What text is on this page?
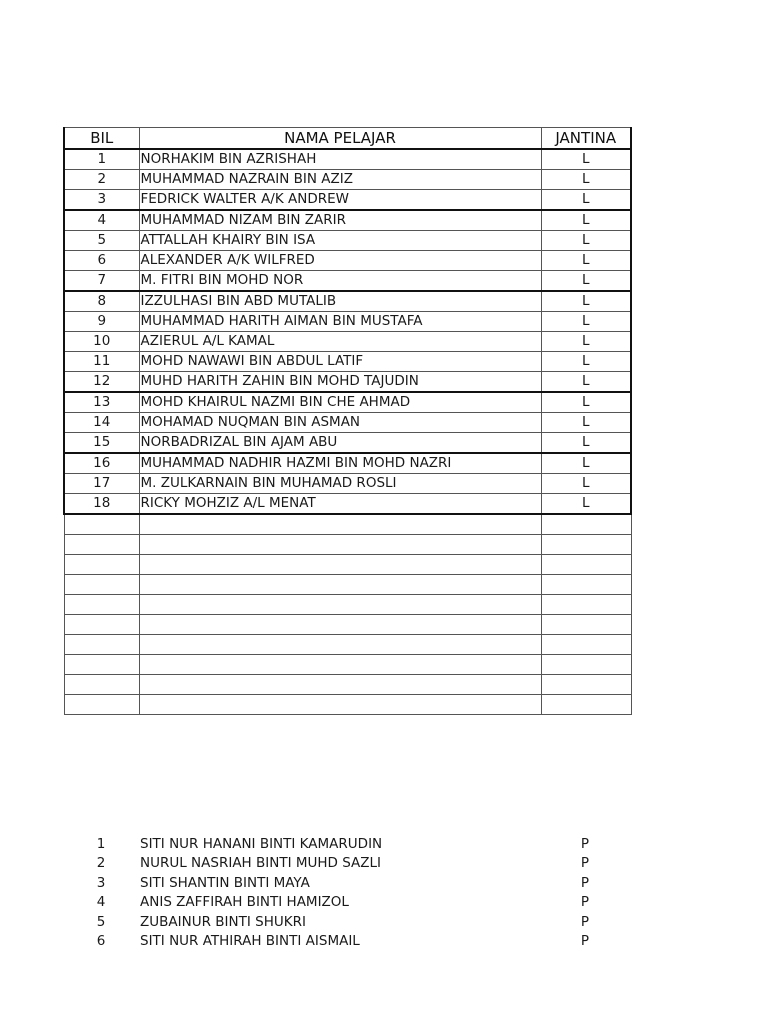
BIL	NAMA PELAJAR	JANTINA
1	NORHAKIM BIN AZRISHAH	L
2	MUHAMMAD NAZRAIN BIN AZIZ	L
3	FEDRICK WALTER A/K ANDREW	L
4	MUHAMMAD NIZAM BIN ZARIR	L
5	ATTALLAH KHAIRY BIN ISA	L
6	ALEXANDER A/K WILFRED	L
7	M. FITRI BIN MOHD NOR	L
8	IZZULHASI BIN ABD MUTALIB	L
9	MUHAMMAD HARITH AIMAN BIN MUSTAFA	L
10	AZIERUL A/L KAMAL	L
11	MOHD NAWAWI BIN ABDUL LATIF	L
12	MUHD HARITH ZAHIN BIN MOHD TAJUDIN	L
13	MOHD KHAIRUL NAZMI BIN CHE AHMAD	L
14	MOHAMAD NUQMAN BIN ASMAN	L
15	NORBADRIZAL BIN AJAM ABU	L
16	MUHAMMAD NADHIR HAZMI BIN MOHD NAZRI	L
17	M. ZULKARNAIN BIN MUHAMAD ROSLI	L
18	RICKY MOHZIZ A/L MENAT	L

1	SITI NUR HANANI BINTI KAMARUDIN	P
2	NURUL NASRIAH BINTI MUHD SAZLI	P
3	SITI SHANTIN BINTI MAYA	P
4	ANIS ZAFFIRAH BINTI HAMIZOL	P
5	ZUBAINUR BINTI SHUKRI	P
6	SITI NUR ATHIRAH BINTI AISMAIL	P
